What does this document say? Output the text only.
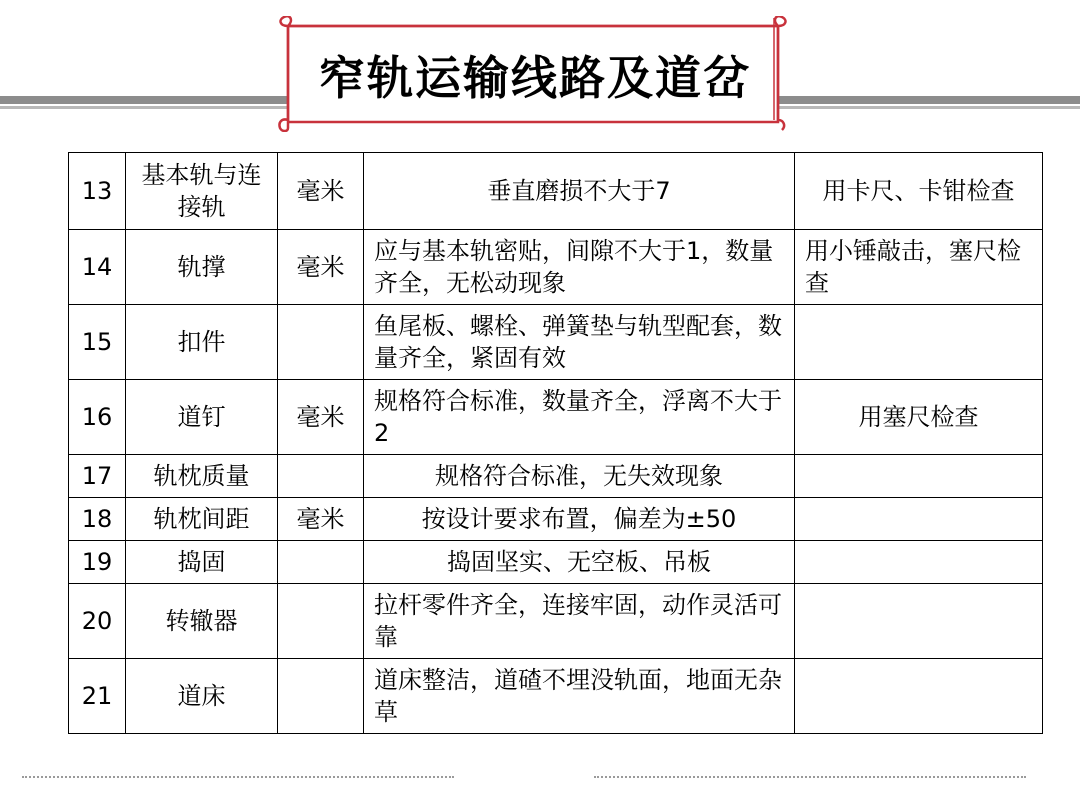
窄轨运输线路及道岔
13	基本轨与连接轨	毫米	垂直磨损不大于7	用卡尺、卡钳检查
14	轨撑	毫米	应与基本轨密贴，间隙不大于1，数量齐全，无松动现象	用小锤敲击，塞尺检查
15	扣件		鱼尾板、螺栓、弹簧垫与轨型配套，数量齐全，紧固有效	
16	道钉	毫米	规格符合标准，数量齐全，浮离不大于2	用塞尺检查
17	轨枕质量		规格符合标准，无失效现象	
18	轨枕间距	毫米	按设计要求布置，偏差为±50	
19	捣固		捣固坚实、无空板、吊板	
20	转辙器		拉杆零件齐全，连接牢固，动作灵活可靠	
21	道床		道床整洁，道碴不埋没轨面，地面无杂草	
